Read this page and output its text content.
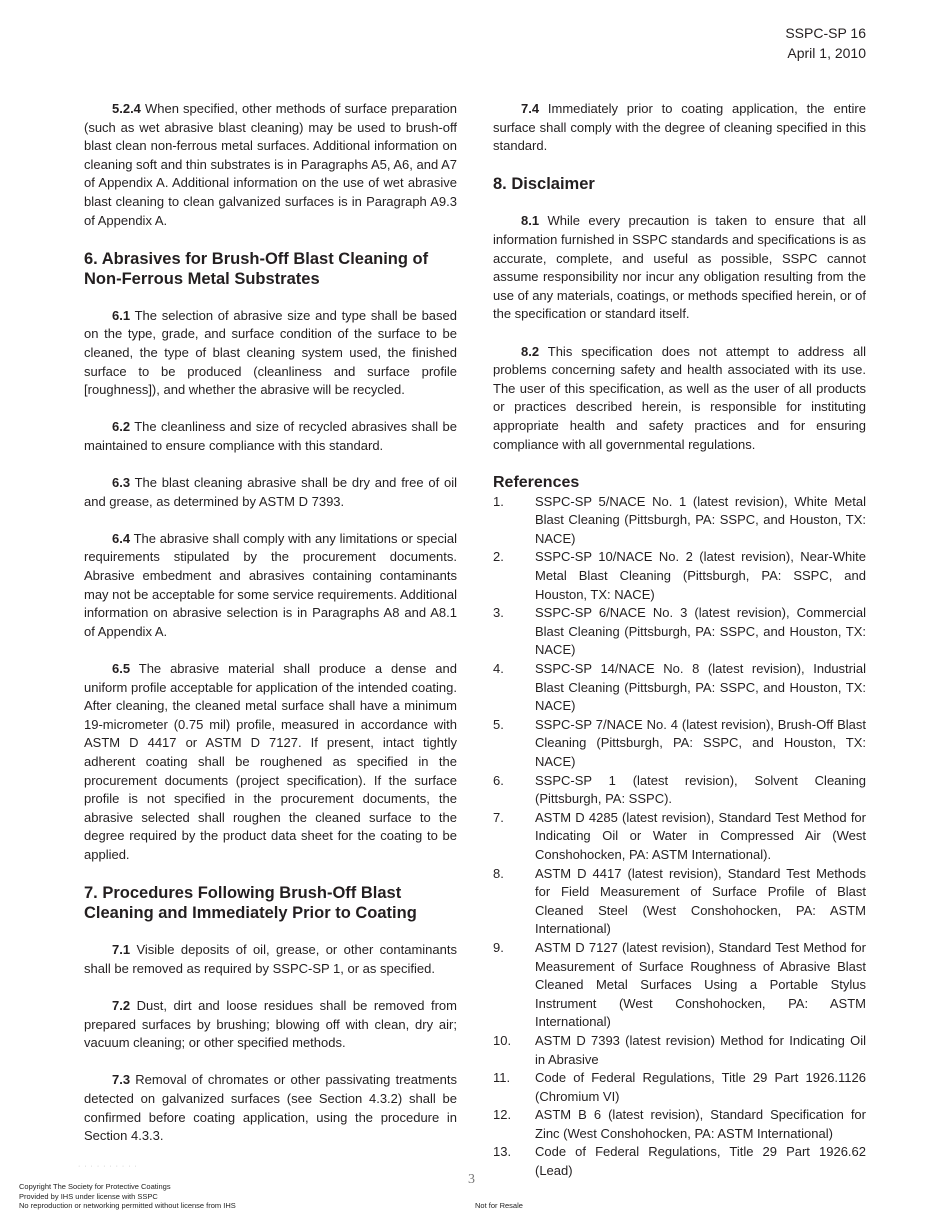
SSPC-SP 16
April 1, 2010

5.2.4 When specified, other methods of surface preparation (such as wet abrasive blast cleaning) may be used to brush-off blast clean non-ferrous metal surfaces. Additional information on cleaning soft and thin substrates is in Paragraphs A5, A6, and A7 of Appendix A. Additional information on the use of wet abrasive blast cleaning to clean galvanized surfaces is in Paragraph A9.3 of Appendix A.

6. Abrasives for Brush-Off Blast Cleaning of Non-Ferrous Metal Substrates

6.1 The selection of abrasive size and type shall be based on the type, grade, and surface condition of the surface to be cleaned, the type of blast cleaning system used, the finished surface to be produced (cleanliness and surface profile [roughness]), and whether the abrasive will be recycled.

6.2 The cleanliness and size of recycled abrasives shall be maintained to ensure compliance with this standard.

6.3 The blast cleaning abrasive shall be dry and free of oil and grease, as determined by ASTM D 7393.

6.4 The abrasive shall comply with any limitations or special requirements stipulated by the procurement documents. Abrasive embedment and abrasives containing contaminants may not be acceptable for some service requirements. Additional information on abrasive selection is in Paragraphs A8 and A8.1 of Appendix A.

6.5 The abrasive material shall produce a dense and uniform profile acceptable for application of the intended coating. After cleaning, the cleaned metal surface shall have a minimum 19-micrometer (0.75 mil) profile, measured in accordance with ASTM D 4417 or ASTM D 7127. If present, intact tightly adherent coating shall be roughened as specified in the procurement documents (project specification). If the surface profile is not specified in the procurement documents, the abrasive selected shall roughen the cleaned surface to the degree required by the product data sheet for the coating to be applied.

7. Procedures Following Brush-Off Blast Cleaning and Immediately Prior to Coating

7.1 Visible deposits of oil, grease, or other contaminants shall be removed as required by SSPC-SP 1, or as specified.

7.2 Dust, dirt and loose residues shall be removed from prepared surfaces by brushing; blowing off with clean, dry air; vacuum cleaning; or other specified methods.

7.3 Removal of chromates or other passivating treatments detected on galvanized surfaces (see Section 4.3.2) shall be confirmed before coating application, using the procedure in Section 4.3.3.

7.4 Immediately prior to coating application, the entire surface shall comply with the degree of cleaning specified in this standard.

8. Disclaimer

8.1 While every precaution is taken to ensure that all information furnished in SSPC standards and specifications is as accurate, complete, and useful as possible, SSPC cannot assume responsibility nor incur any obligation resulting from the use of any materials, coatings, or methods specified herein, or of the specification or standard itself.

8.2 This specification does not attempt to address all problems concerning safety and health associated with its use. The user of this specification, as well as the user of all products or practices described herein, is responsible for instituting appropriate health and safety practices and for ensuring compliance with all governmental regulations.

References
1. SSPC-SP 5/NACE No. 1 (latest revision), White Metal Blast Cleaning (Pittsburgh, PA: SSPC, and Houston, TX: NACE)
2. SSPC-SP 10/NACE No. 2 (latest revision), Near-White Metal Blast Cleaning (Pittsburgh, PA: SSPC, and Houston, TX: NACE)
3. SSPC-SP 6/NACE No. 3 (latest revision), Commercial Blast Cleaning (Pittsburgh, PA: SSPC, and Houston, TX: NACE)
4. SSPC-SP 14/NACE No. 8 (latest revision), Industrial Blast Cleaning (Pittsburgh, PA: SSPC, and Houston, TX: NACE)
5. SSPC-SP 7/NACE No. 4 (latest revision), Brush-Off Blast Cleaning (Pittsburgh, PA: SSPC, and Houston, TX: NACE)
6. SSPC-SP 1 (latest revision), Solvent Cleaning (Pittsburgh, PA: SSPC).
7. ASTM D 4285 (latest revision), Standard Test Method for Indicating Oil or Water in Compressed Air (West Conshohocken, PA: ASTM International).
8. ASTM D 4417 (latest revision), Standard Test Methods for Field Measurement of Surface Profile of Blast Cleaned Steel (West Conshohocken, PA: ASTM International)
9. ASTM D 7127 (latest revision), Standard Test Method for Measurement of Surface Roughness of Abrasive Blast Cleaned Metal Surfaces Using a Portable Stylus Instrument (West Conshohocken, PA: ASTM International)
10. ASTM D 7393 (latest revision) Method for Indicating Oil in Abrasive
11. Code of Federal Regulations, Title 29 Part 1926.1126 (Chromium VI)
12. ASTM B 6 (latest revision), Standard Specification for Zinc (West Conshohocken, PA: ASTM International)
13. Code of Federal Regulations, Title 29 Part 1926.62 (Lead)
· · · · · · · · · ·
3
Copyright The Society for Protective Coatings
Provided by IHS under license with SSPC
No reproduction or networking permitted without license from IHS	Not for Resale
